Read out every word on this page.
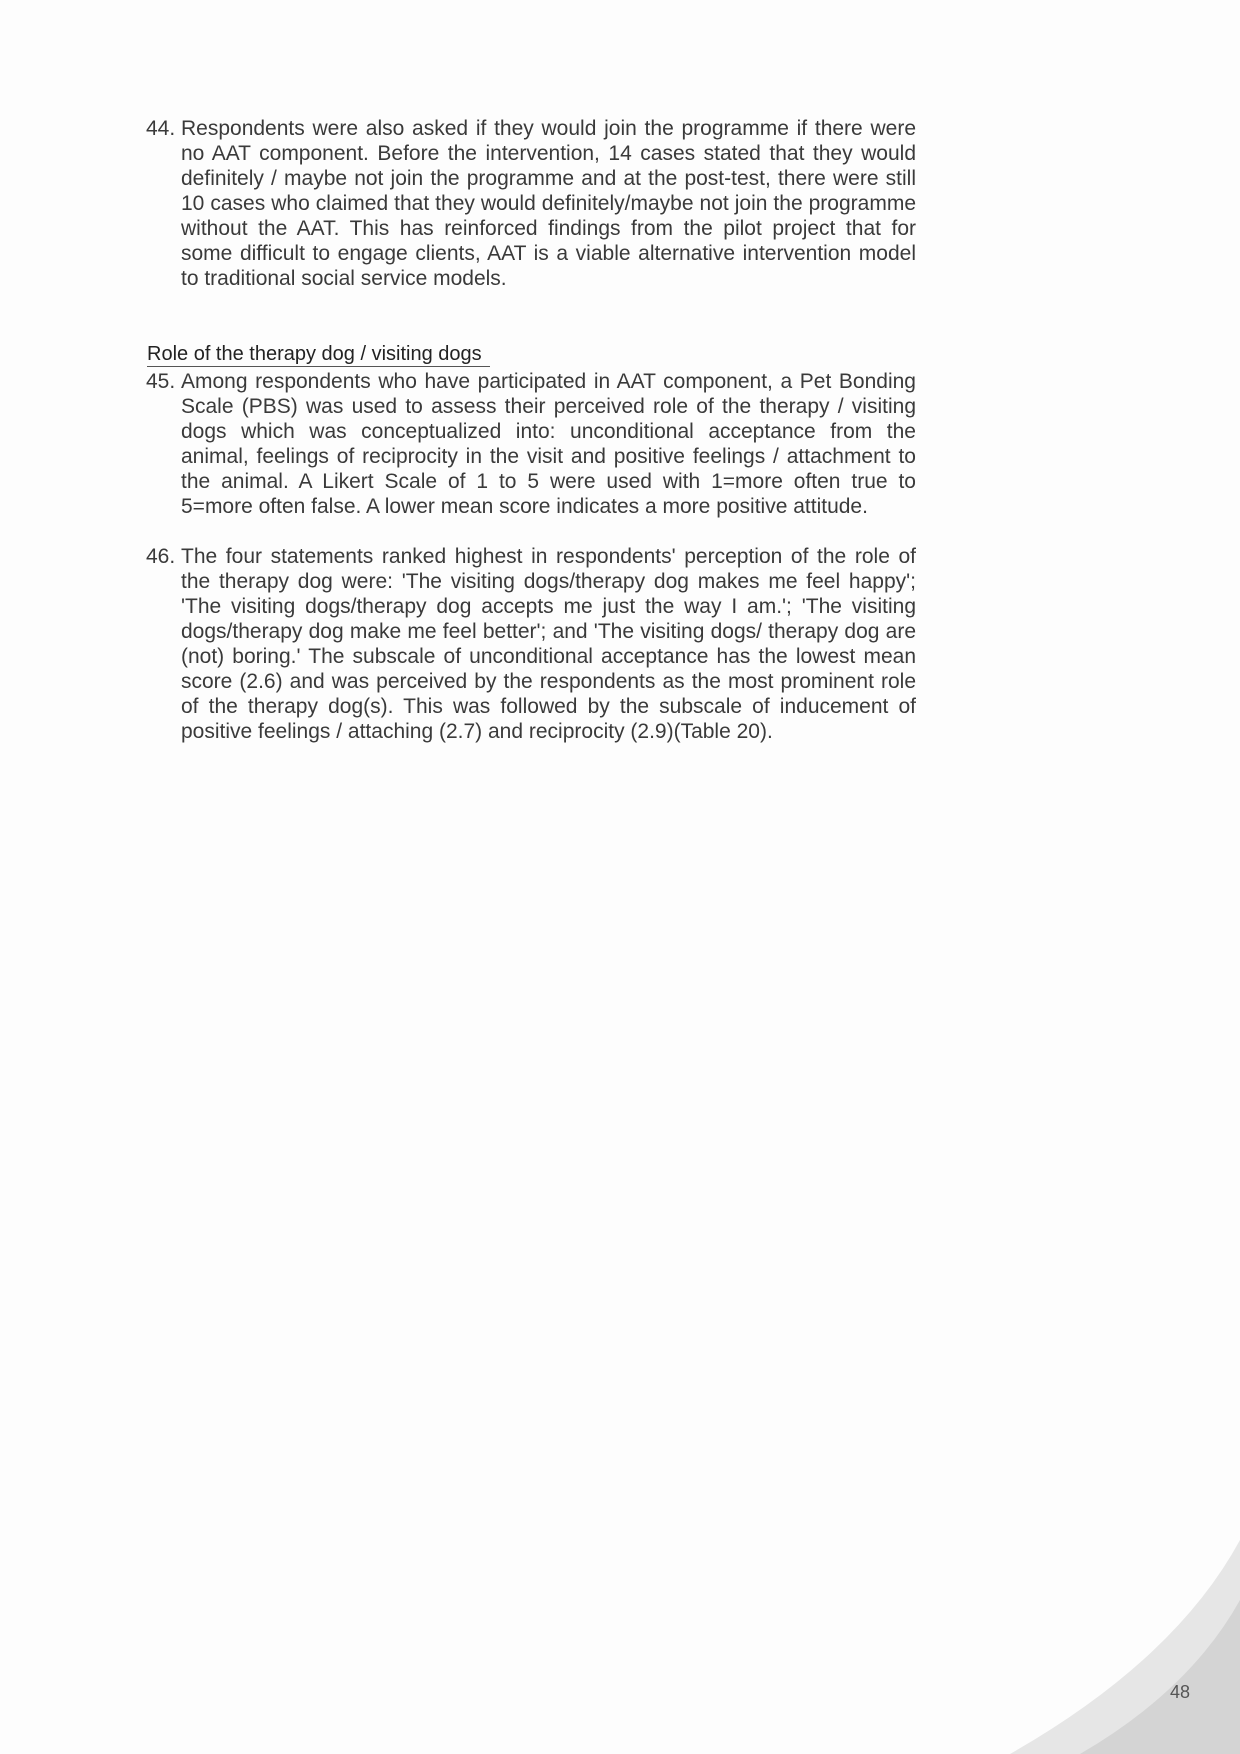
44. Respondents were also asked if they would join the programme if there were no AAT component. Before the intervention, 14 cases stated that they would definitely / maybe not join the programme and at the post-test, there were still 10 cases who claimed that they would definitely/maybe not join the programme without the AAT. This has reinforced findings from the pilot project that for some difficult to engage clients, AAT is a viable alternative intervention model to traditional social service models.
Role of the therapy dog / visiting dogs
45. Among respondents who have participated in AAT component, a Pet Bonding Scale (PBS) was used to assess their perceived role of the therapy / visiting dogs which was conceptualized into: unconditional acceptance from the animal, feelings of reciprocity in the visit and positive feelings / attachment to the animal. A Likert Scale of 1 to 5 were used with 1=more often true to 5=more often false. A lower mean score indicates a more positive attitude.
46. The four statements ranked highest in respondents' perception of the role of the therapy dog were: 'The visiting dogs/therapy dog makes me feel happy'; 'The visiting dogs/therapy dog accepts me just the way I am.'; 'The visiting dogs/therapy dog make me feel better'; and 'The visiting dogs/ therapy dog are (not) boring.' The subscale of unconditional acceptance has the lowest mean score (2.6) and was perceived by the respondents as the most prominent role of the therapy dog(s). This was followed by the subscale of inducement of positive feelings / attaching (2.7) and reciprocity (2.9)(Table 20).
48
